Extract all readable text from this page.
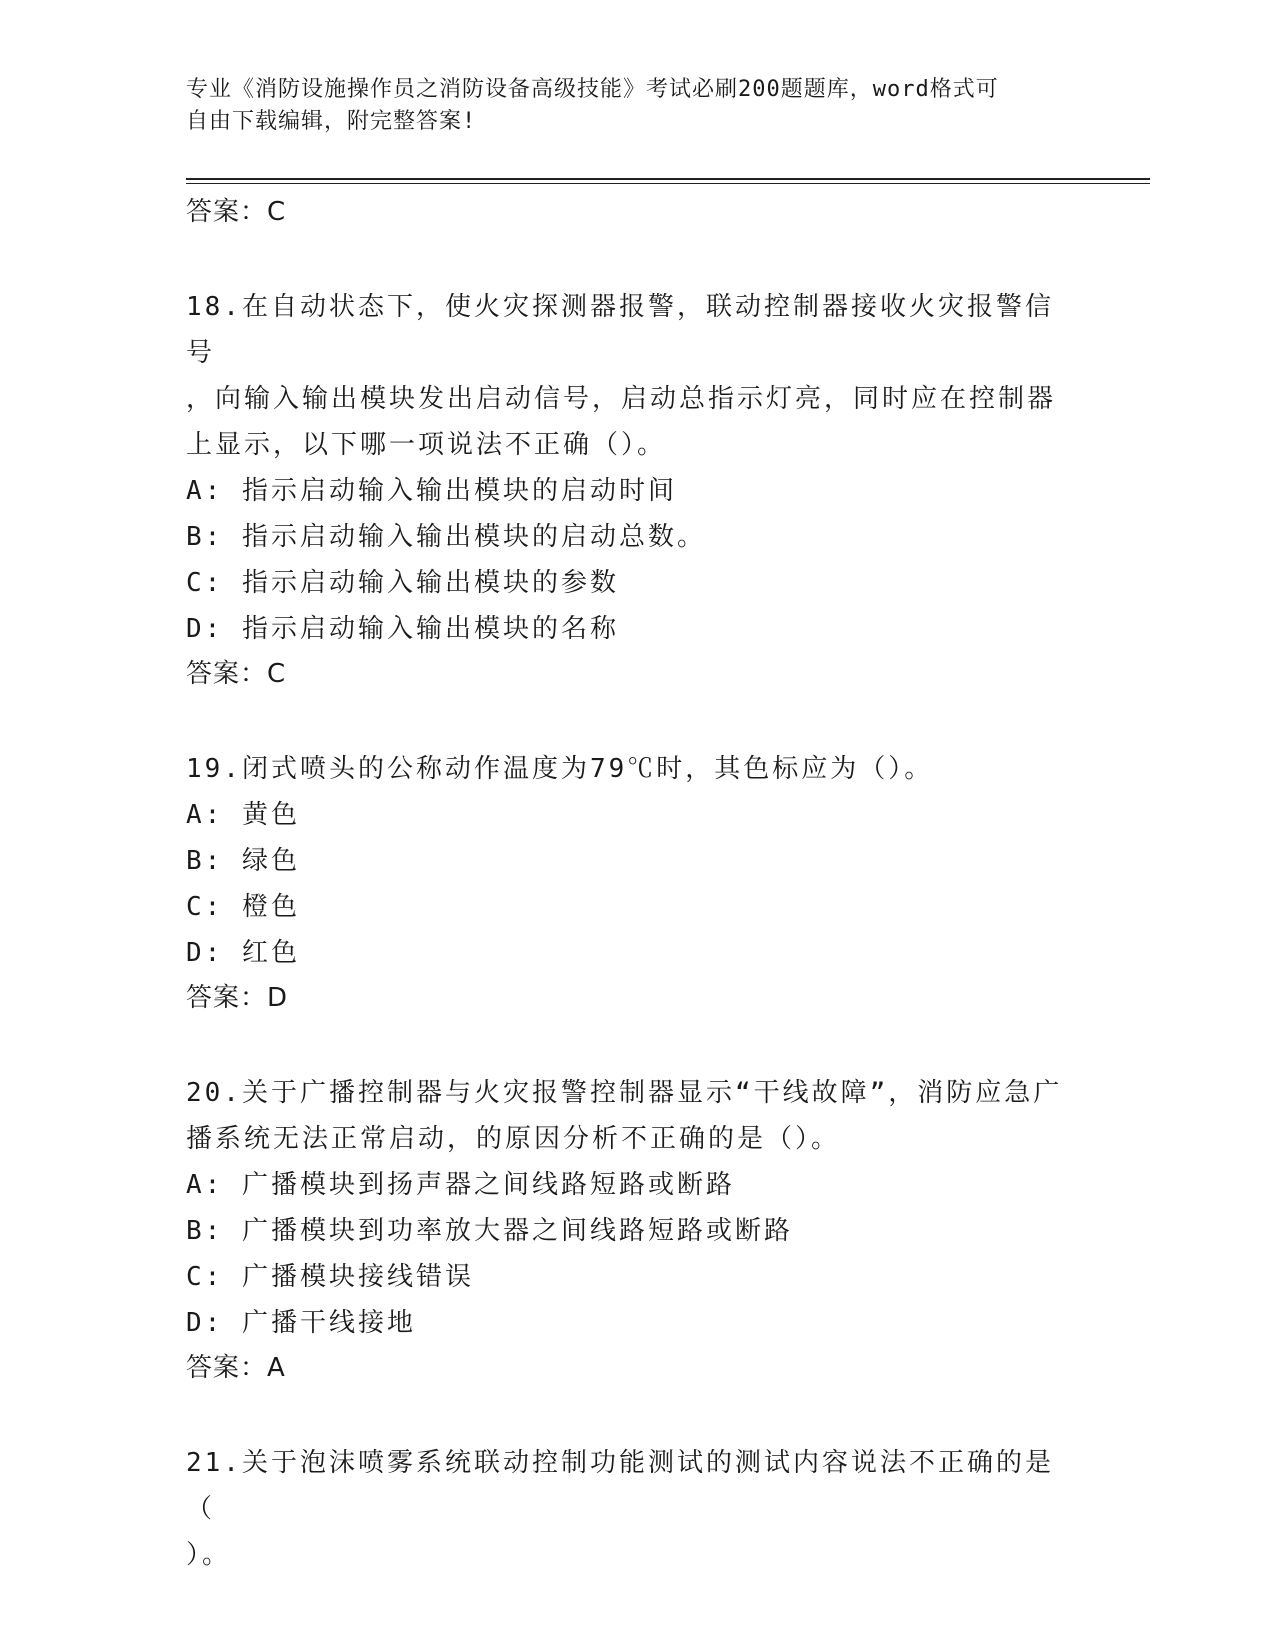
专业《消防设施操作员之消防设备高级技能》考试必刷200题题库，word格式可
自由下载编辑，附完整答案!
答案：C
18.在自动状态下，使火灾探测器报警，联动控制器接收火灾报警信号
，向输入输出模块发出启动信号，启动总指示灯亮，同时应在控制器
上显示，以下哪一项说法不正确（）。
A: 指示启动输入输出模块的启动时间
B: 指示启动输入输出模块的启动总数。
C: 指示启动输入输出模块的参数
D: 指示启动输入输出模块的名称
答案：C
19.闭式喷头的公称动作温度为79℃时，其色标应为（）。
A: 黄色
B: 绿色
C: 橙色
D: 红色
答案：D
20.关于广播控制器与火灾报警控制器显示“干线故障”，消防应急广
播系统无法正常启动，的原因分析不正确的是（）。
A: 广播模块到扬声器之间线路短路或断路
B: 广播模块到功率放大器之间线路短路或断路
C: 广播模块接线错误
D: 广播干线接地
答案：A
21.关于泡沫喷雾系统联动控制功能测试的测试内容说法不正确的是（
）。
